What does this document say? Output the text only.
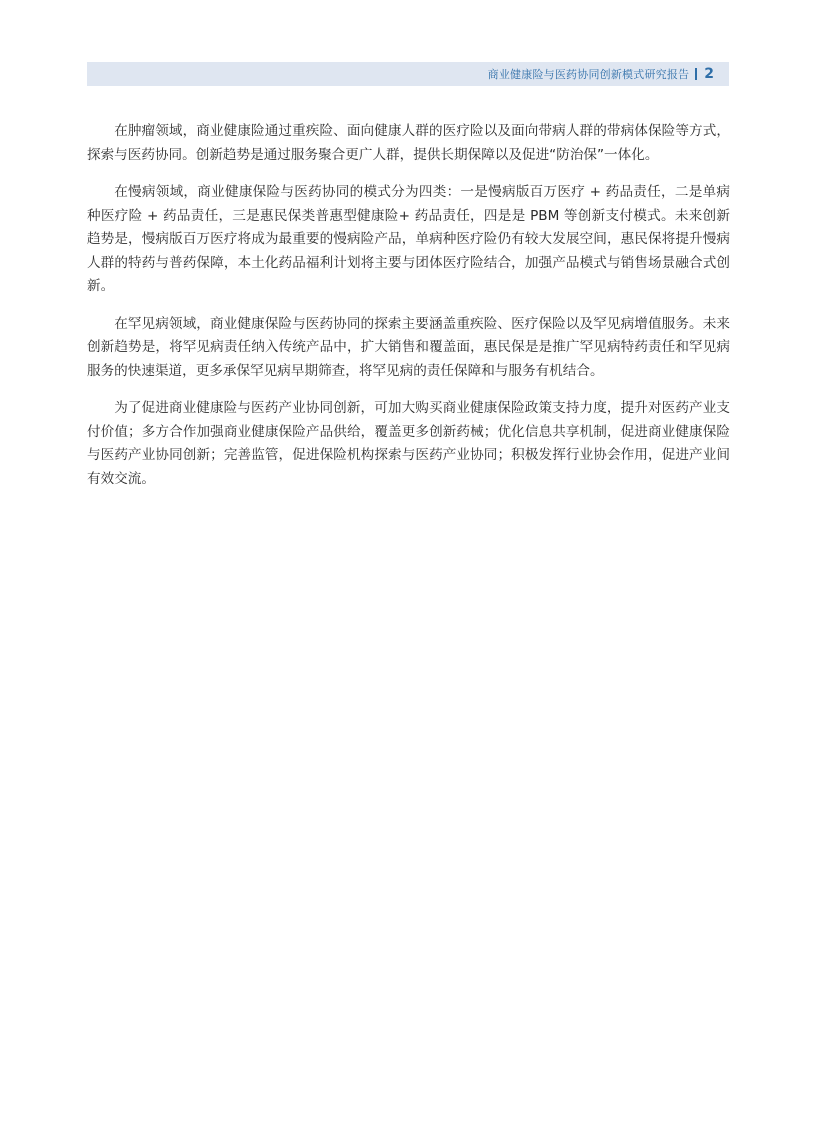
商业健康险与医药协同创新模式研究报告 2

在肿瘤领域，商业健康险通过重疾险、面向健康人群的医疗险以及面向带病人群的带病体保险等方式，探索与医药协同。创新趋势是通过服务聚合更广人群，提供长期保障以及促进“防治保”一体化。

在慢病领域，商业健康保险与医药协同的模式分为四类：一是慢病版百万医疗 + 药品责任，二是单病种医疗险 + 药品责任，三是惠民保类普惠型健康险+ 药品责任，四是是 PBM 等创新支付模式。未来创新趋势是，慢病版百万医疗将成为最重要的慢病险产品，单病种医疗险仍有较大发展空间，惠民保将提升慢病人群的特药与普药保障，本土化药品福利计划将主要与团体医疗险结合，加强产品模式与销售场景融合式创新。

在罕见病领域，商业健康保险与医药协同的探索主要涵盖重疾险、医疗保险以及罕见病增值服务。未来创新趋势是，将罕见病责任纳入传统产品中，扩大销售和覆盖面，惠民保是是推广罕见病特药责任和罕见病服务的快速渠道，更多承保罕见病早期筛查，将罕见病的责任保障和与服务有机结合。

为了促进商业健康险与医药产业协同创新，可加大购买商业健康保险政策支持力度，提升对医药产业支付价值；多方合作加强商业健康保险产品供给，覆盖更多创新药械；优化信息共享机制，促进商业健康保险与医药产业协同创新；完善监管，促进保险机构探索与医药产业协同；积极发挥行业协会作用，促进产业间有效交流。
